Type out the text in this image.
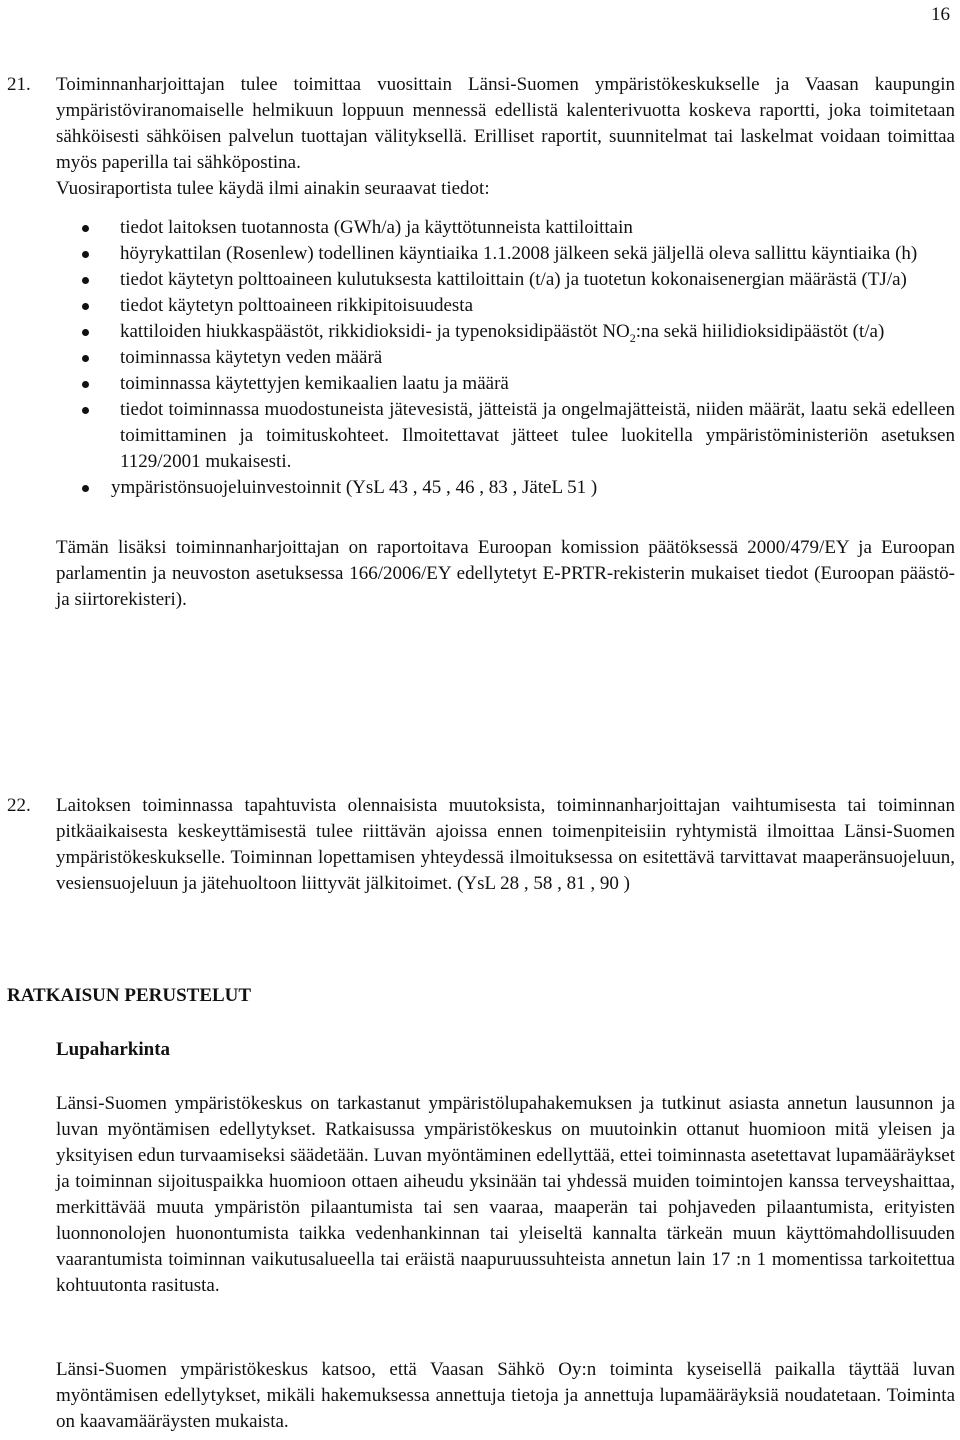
16
21. Toiminnanharjoittajan tulee toimittaa vuosittain Länsi-Suomen ympäristökeskukselle ja Vaasan kaupungin ympäristöviranomaiselle helmikuun loppuun mennessä edellistä kalenterivuotta koskeva raportti, joka toimitetaan sähköisesti sähköisen palvelun tuottajan välityksellä. Erilliset raportit, suunnitelmat tai laskelmat voidaan toimittaa myös paperilla tai sähköpostina.

Vuosiraportista tulee käydä ilmi ainakin seuraavat tiedot:

tiedot laitoksen tuotannosta (GWh/a) ja käyttötunneista kattiloittain
höyrykattilan (Rosenlew) todellinen käyntiaika 1.1.2008 jälkeen sekä jäljellä oleva sallittu käyntiaika (h)
tiedot käytetyn polttoaineen kulutuksesta kattiloittain (t/a) ja tuotetun kokonaisenergian määrästä (TJ/a)
tiedot käytetyn polttoaineen rikkipitoisuudesta
kattiloiden hiukkaspäästöt, rikkidioksidi- ja typenoksidipäästöt $NO_2:na$ sekä hiilidioksidipäästöt (t/a)
toiminnassa käytetyn veden määrä
toiminnassa käytettyjen kemikaalien laatu ja määrä
tiedot toiminnassa muodostuneista jätevesistä, jätteistä ja ongelmajätteistä, niiden määrät, laatu sekä edelleen toimittaminen ja toimituskohteet. Ilmoitettavat jätteet tulee luokitella ympäristöministeriön asetuksen 1129/2001 mukaisesti.
ympäristönsuojeluinvestoinnit (YsL 43 , 45 , 46 , 83 , JäteL 51 )

Tämän lisäksi toiminnanharjoittajan on raportoitava Euroopan komission päätöksessä 2000/479/EY ja Euroopan parlamentin ja neuvoston asetuksessa 166/2006/EY edellytetyt E-PRTR-rekisterin mukaiset tiedot (Euroopan päästö- ja siirtorekisteri).

22. Laitoksen toiminnassa tapahtuvista olennaisista muutoksista, toiminnanharjoittajan vaihtumisesta tai toiminnan pitkäaikaisesta keskeyttämisestä tulee riittävän ajoissa ennen toimenpiteisiin ryhtymistä ilmoittaa Länsi-Suomen ympäristökeskukselle. Toiminnan lopettamisen yhteydessä ilmoituksessa on esitettävä tarvittavat maaperänsuojeluun, vesiensuojeluun ja jätehuoltoon liittyvät jälkitoimet. (YsL 28 , 58 , 81 , 90 )

RATKAISUN PERUSTELUT
Lupaharkinta

Länsi-Suomen ympäristökeskus on tarkastanut ympäristölupahakemuksen ja tutkinut asiasta annetun lausunnon ja luvan myöntämisen edellytykset. Ratkaisussa ympäristökeskus on muutoinkin ottanut huomioon mitä yleisen ja yksityisen edun turvaamiseksi säädetään. Luvan myöntäminen edellyttää, ettei toiminnasta asetettavat lupamääräykset ja toiminnan sijoituspaikka huomioon ottaen aiheudu yksinään tai yhdessä muiden toimintojen kanssa terveyshaittaa, merkittävää muuta ympäristön pilaantumista tai sen vaaraa, maaperän tai pohjaveden pilaantumista, erityisten luonnonolojen huonontumista taikka vedenhankinnan tai yleiseltä kannalta tärkeän muun käyttömahdollisuuden vaarantumista toiminnan vaikutusalueella tai eräistä naapuruussuhteista annetun lain 17 :n 1 momentissa tarkoitettua kohtuutonta rasitusta.

Länsi-Suomen ympäristökeskus katsoo, että Vaasan Sähkö Oy:n toiminta kyseisellä paikalla täyttää luvan myöntämisen edellytykset, mikäli hakemuksessa annettuja tietoja ja annettuja lupamääräyksiä noudatetaan. Toiminta on kaavamääräysten mukaista.
